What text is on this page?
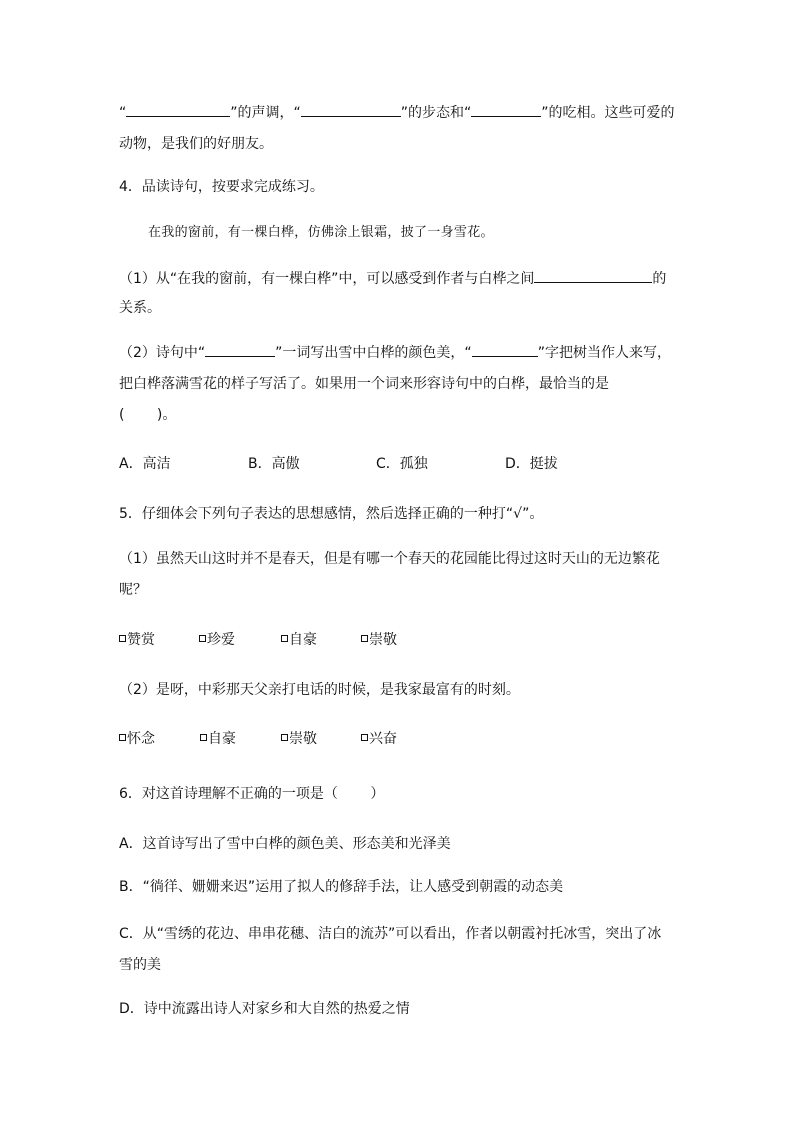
“	”的声调，“	”的步态和“	”的吃相。这些可爱的
动物，是我们的好朋友。
4．品读诗句，按要求完成练习。
在我的窗前，有一棵白桦，仿佛涂上银霜，披了一身雪花。
（1）从“在我的窗前，有一棵白桦”中，可以感受到作者与白桦之间	的
关系。
（2）诗句中“	”一词写出雪中白桦的颜色美，“	”字把树当作人来写，
把白桦落满雪花的样子写活了。如果用一个词来形容诗句中的白桦，最恰当的是
(　　 )。
A．高洁	B．高傲	C．孤独	D．挺拔
5．仔细体会下列句子表达的思想感情，然后选择正确的一种打“√”。
（1）虽然天山这时并不是春天，但是有哪一个春天的花园能比得过这时天山的无边繁花
呢？
赞赏	珍爱	自豪	崇敬
（2）是呀，中彩那天父亲打电话的时候，是我家最富有的时刻。
怀念	自豪	崇敬	兴奋
6．对这首诗理解不正确的一项是（　　 ）
A．这首诗写出了雪中白桦的颜色美、形态美和光泽美
B．“徜徉、姗姗来迟”运用了拟人的修辞手法，让人感受到朝霞的动态美
C．从“雪绣的花边、串串花穗、洁白的流苏”可以看出，作者以朝霞衬托冰雪，突出了冰
雪的美
D．诗中流露出诗人对家乡和大自然的热爱之情
